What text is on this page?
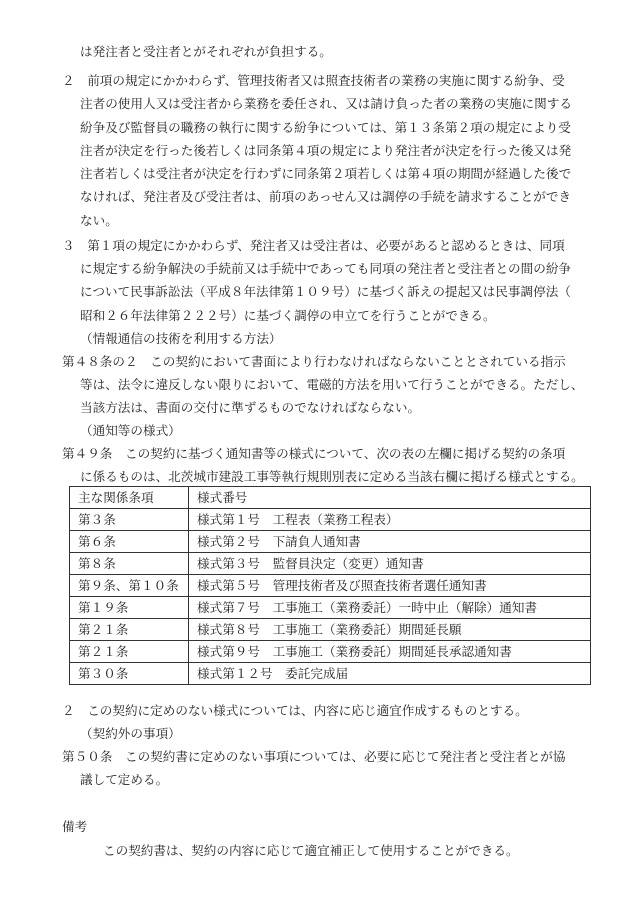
は発注者と受注者とがそれぞれが負担する。
２　前項の規定にかかわらず、管理技術者又は照査技術者の業務の実施に関する紛争、受
注者の使用人又は受注者から業務を委任され、又は請け負った者の業務の実施に関する
紛争及び監督員の職務の執行に関する紛争については、第１３条第２項の規定により受
注者が決定を行った後若しくは同条第４項の規定により発注者が決定を行った後又は発
注者若しくは受注者が決定を行わずに同条第２項若しくは第４項の期間が経過した後で
なければ、発注者及び受注者は、前項のあっせん又は調停の手続を請求することができ
ない。
３　第１項の規定にかかわらず、発注者又は受注者は、必要があると認めるときは、同項
に規定する紛争解決の手続前又は手続中であっても同項の発注者と受注者との間の紛争
について民事訴訟法（平成８年法律第１０９号）に基づく訴えの提起又は民事調停法（
昭和２６年法律第２２２号）に基づく調停の申立てを行うことができる。
（情報通信の技術を利用する方法）
第４８条の２　この契約において書面により行わなければならないこととされている指示
等は、法令に違反しない限りにおいて、電磁的方法を用いて行うことができる。ただし、
当該方法は、書面の交付に準ずるものでなければならない。
（通知等の様式）
第４９条　この契約に基づく通知書等の様式について、次の表の左欄に掲げる契約の条項
に係るものは、北茨城市建設工事等執行規則別表に定める当該右欄に掲げる様式とする。
主な関係条項	様式番号
第３条	様式第１号　工程表（業務工程表）
第６条	様式第２号　下請負人通知書
第８条	様式第３号　監督員決定（変更）通知書
第９条、第１０条	様式第５号　管理技術者及び照査技術者選任通知書
第１９条	様式第７号　工事施工（業務委託）一時中止（解除）通知書
第２１条	様式第８号　工事施工（業務委託）期間延長願
第２１条	様式第９号　工事施工（業務委託）期間延長承認通知書
第３０条	様式第１２号　委託完成届
２　この契約に定めのない様式については、内容に応じ適宜作成するものとする。
（契約外の事項）
第５０条　この契約書に定めのない事項については、必要に応じて発注者と受注者とが協
議して定める。
備考
この契約書は、契約の内容に応じて適宜補正して使用することができる。
